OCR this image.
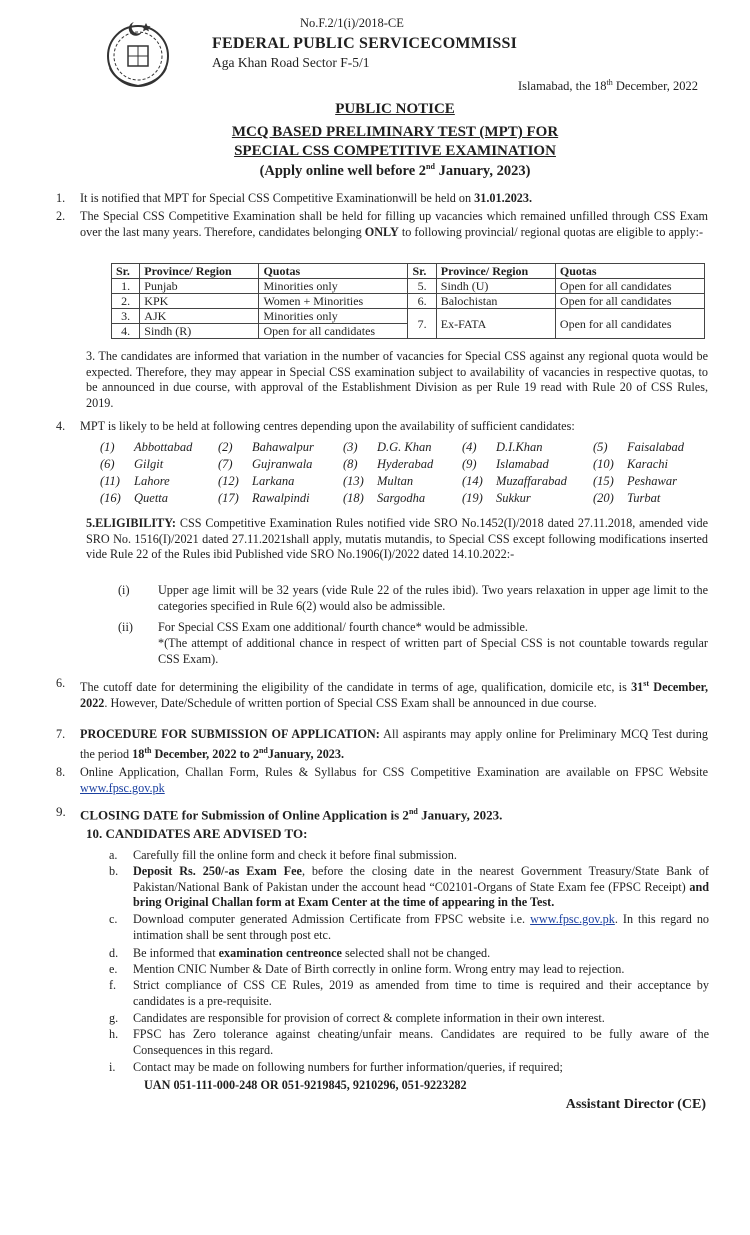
No.F.2/1(i)/2018-CE
FEDERAL PUBLIC SERVICECOMMISSI
Aga Khan Road Sector F-5/1
Islamabad, the 18th December, 2022
PUBLIC NOTICE
MCQ BASED PRELIMINARY TEST (MPT) FOR
SPECIAL CSS COMPETITIVE EXAMINATION
(Apply online well before 2nd January, 2023)
1. It is notified that MPT for Special CSS Competitive Examinationwill be held on 31.01.2023.
2. The Special CSS Competitive Examination shall be held for filling up vacancies which remained unfilled through CSS Exam over the last many years. Therefore, candidates belonging ONLY to following provincial/ regional quotas are eligible to apply:-
Sr.	Province/ Region	Quotas	Sr.	Province/ Region	Quotas
1.	Punjab	Minorities only	5.	Sindh (U)	Open for all candidates
2.	KPK	Women + Minorities	6.	Balochistan	Open for all candidates
3.	AJK	Minorities only	7.	Ex-FATA	Open for all candidates
4.	Sindh (R)	Open for all candidates			
3. The candidates are informed that variation in the number of vacancies for Special CSS against any regional quota would be expected. Therefore, they may appear in Special CSS examination subject to availability of vacancies in respective quotas, to be announced in due course, with approval of the Establishment Division as per Rule 19 read with Rule 20 of CSS Rules, 2019.
4. MPT is likely to be held at following centres depending upon the availability of sufficient candidates:
(1) Abbottabad (2) Bahawalpur (3) D.G. Khan (4) D.I.Khan	(5) Faisalabad
(6) Gilgit	(7) Gujranwala (8) Hyderabad (9) Islamabad	(10) Karachi
(11) Lahore	(12) Larkana	(13) Multan	(14) Muzaffarabad (15) Peshawar
(16) Quetta	(17) Rawalpindi	(18) Sargodha	(19) Sukkur	(20) Turbat
5.ELIGIBILITY: CSS Competitive Examination Rules notified vide SRO No.1452(I)/2018 dated 27.11.2018, amended vide SRO No. 1516(I)/2021 dated 27.11.2021shall apply, mutatis mutandis, to Special CSS except following modifications inserted vide Rule 22 of the Rules ibid Published vide SRO No.1906(I)/2022 dated 14.10.2022:-
(i) Upper age limit will be 32 years (vide Rule 22 of the rules ibid). Two years relaxation in upper age limit to the categories specified in Rule 6(2) would also be admissible.
(ii) For Special CSS Exam one additional/ fourth chance* would be admissible.
*(The attempt of additional chance in respect of written part of Special CSS is not countable towards regular CSS Exam).
6. The cutoff date for determining the eligibility of the candidate in terms of age, qualification, domicile etc, is 31st December, 2022. However, Date/Schedule of written portion of Special CSS Exam shall be announced in due course.
7. PROCEDURE FOR SUBMISSION OF APPLICATION: All aspirants may apply online for Preliminary MCQ Test during the period 18th December, 2022 to 2ndJanuary, 2023.
8. Online Application, Challan Form, Rules & Syllabus for CSS Competitive Examination are available on FPSC Website www.fpsc.gov.pk
9. CLOSING DATE for Submission of Online Application is 2nd January, 2023.
10. CANDIDATES ARE ADVISED TO:
a. Carefully fill the online form and check it before final submission.
b. Deposit Rs. 250/-as Exam Fee, before the closing date in the nearest Government Treasury/State Bank of Pakistan/National Bank of Pakistan under the account head “C02101-Organs of State Exam fee (FPSC Receipt) and bring Original Challan form at Exam Center at the time of appearing in the Test.
c. Download computer generated Admission Certificate from FPSC website i.e. www.fpsc.gov.pk. In this regard no intimation shall be sent through post etc.
d. Be informed that examination centreonce selected shall not be changed.
e. Mention CNIC Number & Date of Birth correctly in online form. Wrong entry may lead to rejection.
f. Strict compliance of CSS CE Rules, 2019 as amended from time to time is required and their acceptance by candidates is a pre-requisite.
g. Candidates are responsible for provision of correct & complete information in their own interest.
h. FPSC has Zero tolerance against cheating/unfair means. Candidates are required to be fully aware of the Consequences in this regard.
i. Contact may be made on following numbers for further information/queries, if required;
UAN 051-111-000-248 OR 051-9219845, 9210296, 051-9223282
Assistant Director (CE)
